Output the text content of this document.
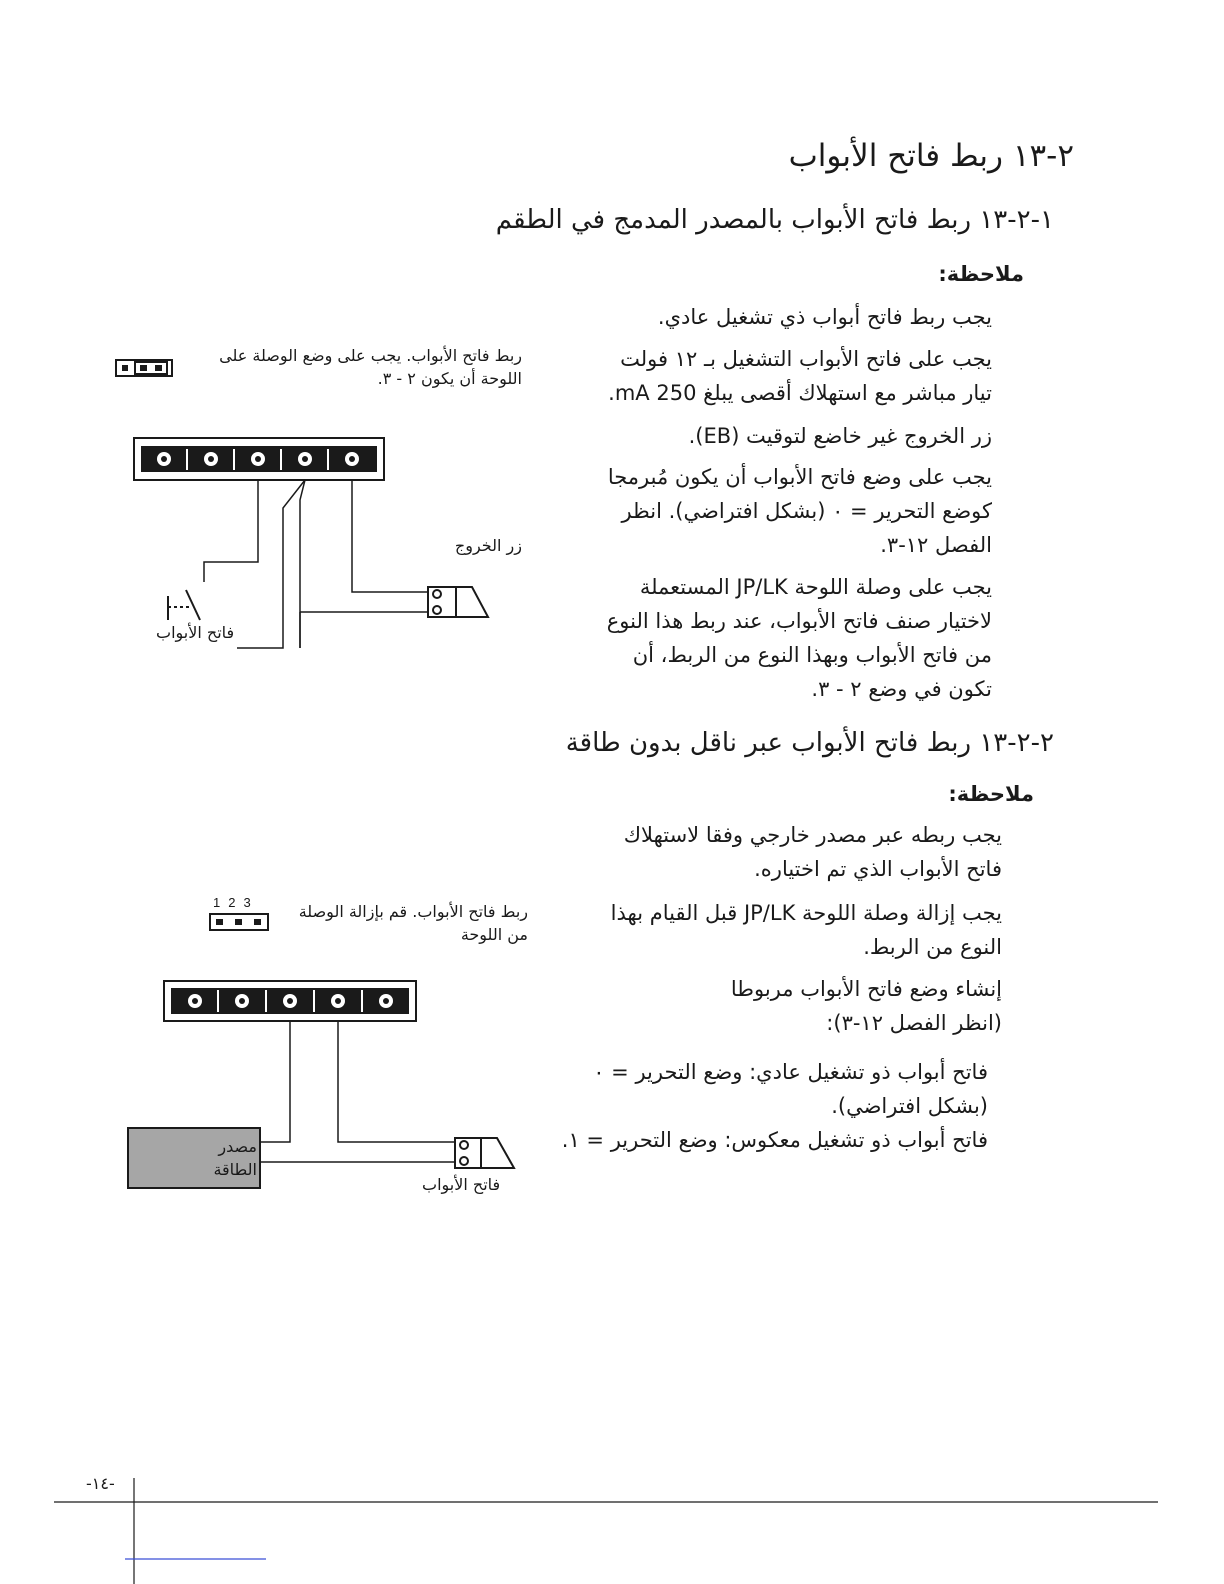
٢-١٣ ربط فاتح الأبواب
١-٢-١٣ ربط فاتح الأبواب بالمصدر المدمج في الطقم
ملاحظة:
يجب ربط فاتح أبواب ذي تشغيل عادي.
يجب على فاتح الأبواب التشغيل بـ ١٢ فولت تيار مباشر مع استهلاك أقصى يبلغ 250 mA.
زر الخروج غير خاضع لتوقيت (EB).
يجب على وضع فاتح الأبواب أن يكون مُبرمجا كوضع التحرير = ٠ (بشكل افتراضي). انظر الفصل ١٢-٣.
يجب على وصلة اللوحة JP/LK المستعملة لاختيار صنف فاتح الأبواب، عند ربط هذا النوع من فاتح الأبواب وبهذا النوع من الربط، أن تكون في وضع ٢ - ٣.
ربط فاتح الأبواب. يجب على وضع الوصلة على اللوحة أن يكون ٢ - ٣.
زر الخروج
فاتح الأبواب
٢-٢-١٣ ربط فاتح الأبواب عبر ناقل بدون طاقة
ملاحظة:
يجب ربطه عبر مصدر خارجي وفقا لاستهلاك فاتح الأبواب الذي تم اختياره.
يجب إزالة وصلة اللوحة JP/LK قبل القيام بهذا النوع من الربط.
إنشاء وضع فاتح الأبواب مربوطا (انظر الفصل ١٢-٣):
فاتح أبواب ذو تشغيل عادي: وضع التحرير = ٠ (بشكل افتراضي).
فاتح أبواب ذو تشغيل معكوس: وضع التحرير = ١.
ربط فاتح الأبواب. قم بإزالة الوصلة من اللوحة
123
مصدر الطاقة
فاتح الأبواب
-١٤-
